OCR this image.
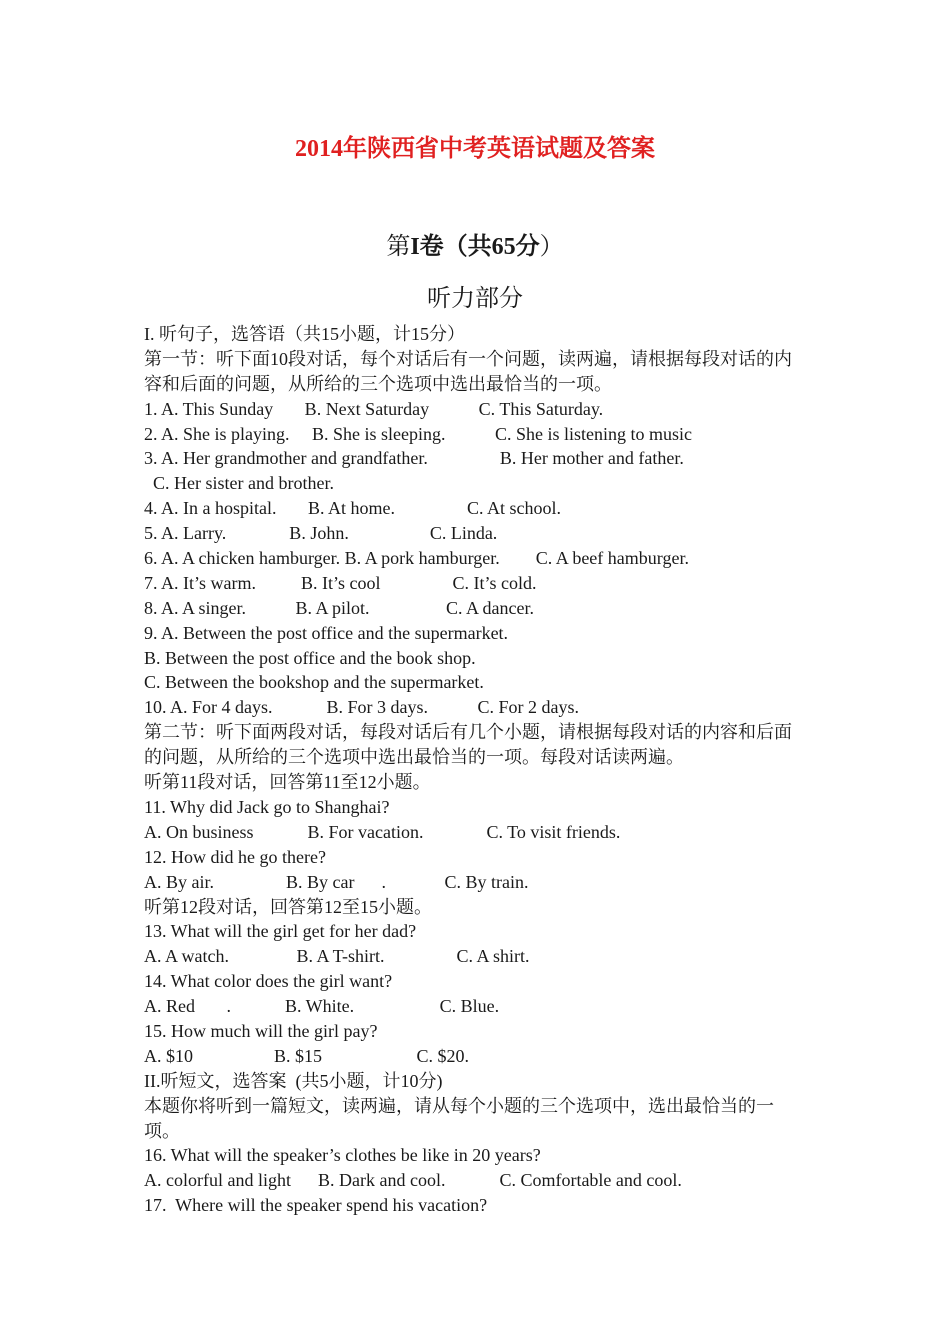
2014年陕西省中考英语试题及答案
第I卷（共65分）
听力部分
I. 听句子，选答语（共15小题，计15分）
第一节：听下面10段对话，每个对话后有一个问题，读两遍，请根据每段对话的内容和后面的问题，从所给的三个选项中选出最恰当的一项。
1. A. This Sunday       B. Next Saturday           C. This Saturday.
2. A. She is playing.     B. She is sleeping.           C. She is listening to music
3. A. Her grandmother and grandfather.                B. Her mother and father.
C. Her sister and brother.
4. A. In a hospital.       B. At home.                C. At school.
5. A. Larry.              B. John.                  C. Linda.
6. A. A chicken hamburger. B. A pork hamburger.        C. A beef hamburger.
7. A. It’s warm.          B. It’s cool                C. It’s cold.
8. A. A singer.           B. A pilot.                 C. A dancer.
9. A. Between the post office and the supermarket.
B. Between the post office and the book shop.
C. Between the bookshop and the supermarket.
10. A. For 4 days.            B. For 3 days.           C. For 2 days.
第二节：听下面两段对话，每段对话后有几个小题，请根据每段对话的内容和后面的问题，从所给的三个选项中选出最恰当的一项。每段对话读两遍。
听第11段对话，回答第11至12小题。
11. Why did Jack go to Shanghai?
A. On business            B. For vacation.              C. To visit friends.
12. How did he go there?
A. By air.                B. By car      .             C. By train.
听第12段对话，回答第12至15小题。
13. What will the girl get for her dad?
A. A watch.               B. A T-shirt.                C. A shirt.
14. What color does the girl want?
A. Red       .            B. White.                   C. Blue.
15. How much will the girl pay?
A. $10                  B. $15                     C. $20.
II.听短文，选答案  (共5小题，计10分)
本题你将听到一篇短文，读两遍，请从每个小题的三个选项中，选出最恰当的一项。
16. What will the speaker’s clothes be like in 20 years?
A. colorful and light      B. Dark and cool.            C. Comfortable and cool.
17.  Where will the speaker spend his vacation?
